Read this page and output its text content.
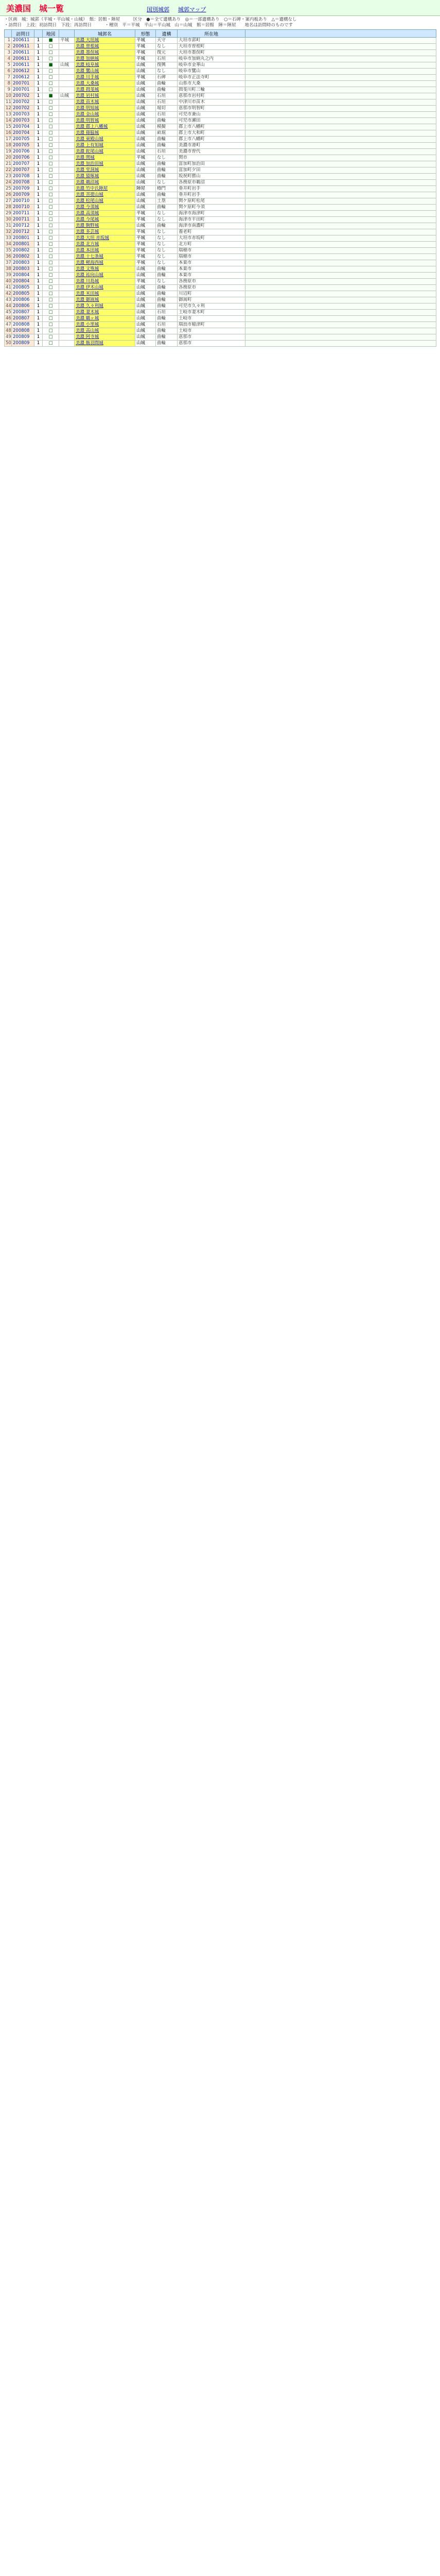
美濃国　城一覧	国別城郭 城郭マップ
・区画　城：城郭（平城・平山城・山城）　館：居館・陣屋　　　区分　●＝全て遺構あり　◎＝一部遺構あり　○＝石碑・案内板あり　△＝遺構なし
・訪問日　上段：初訪問日　下段：再訪問日　　　・種別　平＝平城　平山＝平山城　山＝山城　館＝居館　陣＝陣屋　　地名は訪問時のものです
	訪問日		地図		城郭名	形態	遺構	所在地	
1	200611	1	■	平城	美濃 大垣城	平城	天守	大垣市郭町	
2	200611	1	□		美濃 曽根城	平城	なし	大垣市曽根町	
3	200611	1	□		美濃 墨俣城	平城	復元	大垣市墨俣町	
4	200611	1	□		美濃 加納城	平城	石垣	岐阜市加納丸之内	
5	200611	1	■	山城	美濃 岐阜城	山城	復興	岐阜市金華山	
6	200612	1	□		美濃 鷺山城	山城	なし	岐阜市鷺山	
7	200612	1	□		美濃 川手城	平城	石碑	岐阜市正法寺町	
8	200701	1	□		美濃 大桑城	山城	曲輪	山県市大桑	
9	200701	1	□		美濃 揖斐城	山城	曲輪	揖斐川町三輪	
10	200702	1	■	山城	美濃 岩村城	山城	石垣	恵那市岩村町	
11	200702	1	□		美濃 苗木城	山城	石垣	中津川市苗木	
12	200702	1	□		美濃 明知城	山城	堀切	恵那市明智町	
13	200703	1	□		美濃 金山城	山城	石垣	可児市兼山	
14	200703	1	□		美濃 明智城	山城	曲輪	可児市瀬田	
15	200704	1	□		美濃 郡上八幡城	山城	模擬	郡上市八幡町	
16	200704	1	□		美濃 篠脇城	山城	畝堀	郡上市大和町	
17	200705	1	□		美濃 東殿山城	山城	曲輪	郡上市八幡町	
18	200705	1	□		美濃 上有知城	山城	曲輪	美濃市港町	
19	200706	1	□		美濃 鉈尾山城	山城	石垣	美濃市曽代	
20	200706	1	□		美濃 関城	平城	なし	関市	
21	200707	1	□		美濃 加治田城	山城	曲輪	富加町加治田	
22	200707	1	□		美濃 堂洞城	山城	曲輪	富加町夕田	
23	200708	1	□		美濃 猿啄城	山城	曲輪	坂祝町勝山	
24	200708	1	□		美濃 鵜沼城	山城	なし	各務原市鵜沼	
25	200709	1	□		美濃 竹中氏陣屋	陣屋	櫓門	垂井町岩手	
26	200709	1	□		美濃 菩提山城	山城	曲輪	垂井町岩手	
27	200710	1	□		美濃 松尾山城	山城	土塁	関ケ原町松尾	
28	200710	1	□		美濃 今須城	山城	曲輪	関ケ原町今須	
29	200711	1	□		美濃 高須城	平城	なし	海津市海津町	
30	200711	1	□		美濃 今尾城	平城	なし	海津市平田町	
31	200712	1	□		美濃 駒野城	山城	曲輪	海津市南濃町	
32	200712	1	□		美濃 多芸城	平城	なし	養老町	
33	200801	1	□		美濃 大垣 赤坂城	平城	なし	大垣市赤坂町	
34	200801	1	□		美濃 北方城	平城	なし	北方町	
35	200802	1	□		美濃 本田城	平城	なし	瑞穂市	
36	200802	1	□		美濃 十七条城	平城	なし	瑞穂市	
37	200803	1	□		美濃 軽海西城	平城	なし	本巣市	
38	200803	1	□		美濃 文殊城	山城	曲輪	本巣市	
39	200804	1	□		美濃 祐向山城	山城	曲輪	本巣市	
40	200804	1	□		美濃 川島城	平城	なし	各務原市	
41	200805	1	□		美濃 伊木山城	山城	曲輪	各務原市	
42	200805	1	□		美濃 米田城	山城	曲輪	川辺町	
43	200806	1	□		美濃 御嵩城	山城	曲輪	御嵩町	
44	200806	1	□		美濃 久々利城	山城	曲輪	可児市久々利	
45	200807	1	□		美濃 妻木城	山城	石垣	土岐市妻木町	
46	200807	1	□		美濃 鶴ヶ城	山城	曲輪	土岐市	
47	200808	1	□		美濃 小里城	山城	石垣	瑞浪市稲津町	
48	200808	1	□		美濃 高山城	山城	曲輪	土岐市	
49	200809	1	□		美濃 阿寺城	山城	曲輪	恵那市	
50	200809	1	□		美濃 飯羽間城	山城	曲輪	恵那市	
